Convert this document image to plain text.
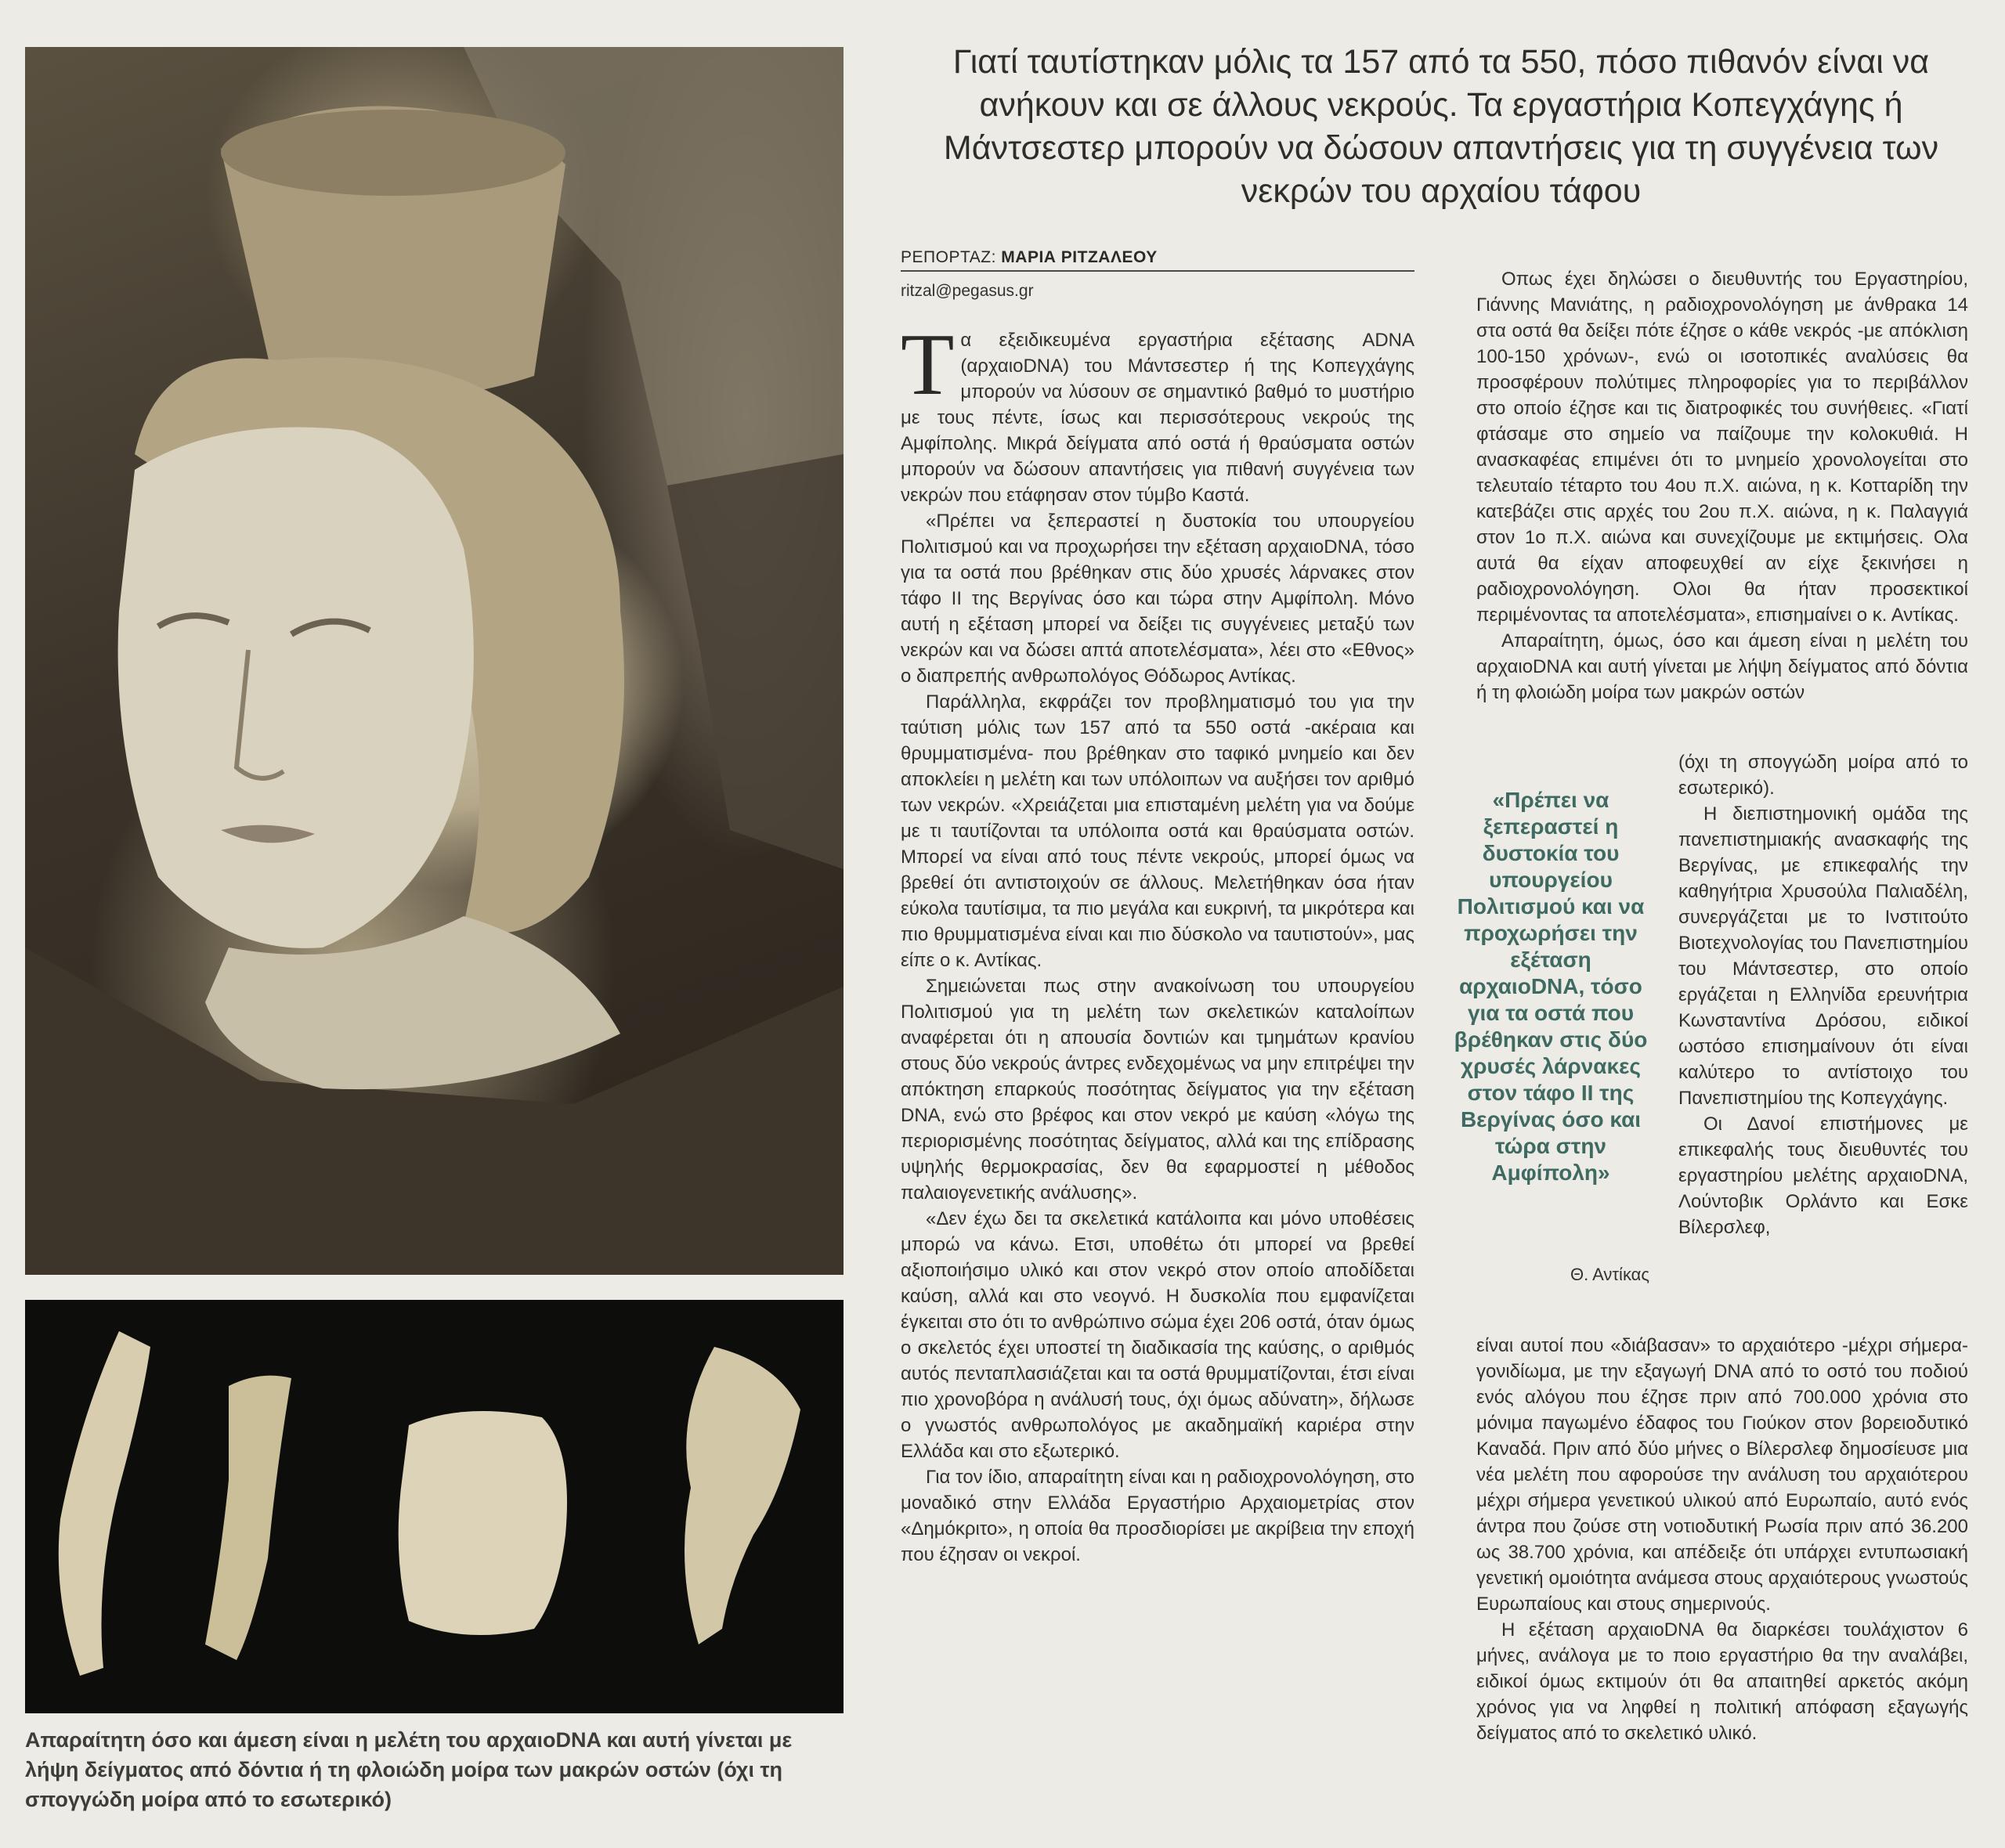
Απαραίτητη όσο και άμεση είναι η μελέτη του αρχαιοDNA και αυτή γίνεται με λήψη δείγματος από δόντια ή τη φλοιώδη μοίρα των μακρών οστών (όχι τη σπογγώδη μοίρα από το εσωτερικό)
Γιατί ταυτίστηκαν μόλις τα 157 από τα 550, πόσο πιθανόν είναι να ανήκουν και σε άλλους νεκρούς. Τα εργαστήρια Κοπεγχάγης ή Μάντσεστερ μπορούν να δώσουν απαντήσεις για τη συγγένεια των νεκρών του αρχαίου τάφου
ΡΕΠΟΡΤΑΖ: ΜΑΡΙΑ ΡΙΤΖΑΛΕΟΥ
ritzal@pegasus.gr

Τα εξειδικευμένα εργαστήρια εξέτασης ADNA (αρχαιοDNA) του Μάντσεστερ ή της Κοπεγχάγης μπορούν να λύσουν σε σημαντικό βαθμό το μυστήριο με τους πέντε, ίσως και περισσότερους νεκρούς της Αμφίπολης. Μικρά δείγματα από οστά ή θραύσματα οστών μπορούν να δώσουν απαντήσεις για πιθανή συγγένεια των νεκρών που ετάφησαν στον τύμβο Καστά.

«Πρέπει να ξεπεραστεί η δυστοκία του υπουργείου Πολιτισμού και να προχωρήσει την εξέταση αρχαιοDNA, τόσο για τα οστά που βρέθηκαν στις δύο χρυσές λάρνακες στον τάφο ΙΙ της Βεργίνας όσο και τώρα στην Αμφίπολη. Μόνο αυτή η εξέταση μπορεί να δείξει τις συγγένειες μεταξύ των νεκρών και να δώσει απτά αποτελέσματα», λέει στο «Εθνος» ο διαπρεπής ανθρωπολόγος Θόδωρος Αντίκας.

Παράλληλα, εκφράζει τον προβληματισμό του για την ταύτιση μόλις των 157 από τα 550 οστά -ακέραια και θρυμματισμένα- που βρέθηκαν στο ταφικό μνημείο και δεν αποκλείει η μελέτη και των υπόλοιπων να αυξήσει τον αριθμό των νεκρών. «Χρειάζεται μια επισταμένη μελέτη για να δούμε με τι ταυτίζονται τα υπόλοιπα οστά και θραύσματα οστών. Μπορεί να είναι από τους πέντε νεκρούς, μπορεί όμως να βρεθεί ότι αντιστοιχούν σε άλλους. Μελετήθηκαν όσα ήταν εύκολα ταυτίσιμα, τα πιο μεγάλα και ευκρινή, τα μικρότερα και πιο θρυμματισμένα είναι και πιο δύσκολο να ταυτιστούν», μας είπε ο κ. Αντίκας.

Σημειώνεται πως στην ανακοίνωση του υπουργείου Πολιτισμού για τη μελέτη των σκελετικών καταλοίπων αναφέρεται ότι η απουσία δοντιών και τμημάτων κρανίου στους δύο νεκρούς άντρες ενδεχομένως να μην επιτρέψει την απόκτηση επαρκούς ποσότητας δείγματος για την εξέταση DNA, ενώ στο βρέφος και στον νεκρό με καύση «λόγω της περιορισμένης ποσότητας δείγματος, αλλά και της επίδρασης υψηλής θερμοκρασίας, δεν θα εφαρμοστεί η μέθοδος παλαιογενετικής ανάλυσης».

«Δεν έχω δει τα σκελετικά κατάλοιπα και μόνο υποθέσεις μπορώ να κάνω. Ετσι, υποθέτω ότι μπορεί να βρεθεί αξιοποιήσιμο υλικό και στον νεκρό στον οποίο αποδίδεται καύση, αλλά και στο νεογνό. Η δυσκολία που εμφανίζεται έγκειται στο ότι το ανθρώπινο σώμα έχει 206 οστά, όταν όμως ο σκελετός έχει υποστεί τη διαδικασία της καύσης, ο αριθμός αυτός πενταπλασιάζεται και τα οστά θρυμματίζονται, έτσι είναι πιο χρονοβόρα η ανάλυσή τους, όχι όμως αδύνατη», δήλωσε ο γνωστός ανθρωπολόγος με ακαδημαϊκή καριέρα στην Ελλάδα και στο εξωτερικό.

Για τον ίδιο, απαραίτητη είναι και η ραδιοχρονολόγηση, στο μοναδικό στην Ελλάδα Εργαστήριο Αρχαιομετρίας στον «Δημόκριτο», η οποία θα προσδιορίσει με ακρίβεια την εποχή που έζησαν οι νεκροί.

Οπως έχει δηλώσει ο διευθυντής του Εργαστηρίου, Γιάννης Μανιάτης, η ραδιοχρονολόγηση με άνθρακα 14 στα οστά θα δείξει πότε έζησε ο κάθε νεκρός -με απόκλιση 100-150 χρόνων-, ενώ οι ισοτοπικές αναλύσεις θα προσφέρουν πολύτιμες πληροφορίες για το περιβάλλον στο οποίο έζησε και τις διατροφικές του συνήθειες. «Γιατί φτάσαμε στο σημείο να παίζουμε την κολοκυθιά. Η ανασκαφέας επιμένει ότι το μνημείο χρονολογείται στο τελευταίο τέταρτο του 4ου π.Χ. αιώνα, η κ. Κοτταρίδη την κατεβάζει στις αρχές του 2ου π.Χ. αιώνα, η κ. Παλαγγιά στον 1ο π.Χ. αιώνα και συνεχίζουμε με εκτιμήσεις. Ολα αυτά θα είχαν αποφευχθεί αν είχε ξεκινήσει η ραδιοχρονολόγηση. Ολοι θα ήταν προσεκτικοί περιμένοντας τα αποτελέσματα», επισημαίνει ο κ. Αντίκας.

Απαραίτητη, όμως, όσο και άμεση είναι η μελέτη του αρχαιοDNA και αυτή γίνεται με λήψη δείγματος από δόντια ή τη φλοιώδη μοίρα των μακρών οστών

«Πρέπει να ξεπεραστεί η δυστοκία του υπουργείου Πολιτισμού και να προχωρήσει την εξέταση αρχαιοDNA, τόσο για τα οστά που βρέθηκαν στις δύο χρυσές λάρνακες στον τάφο ΙΙ της Βεργίνας όσο και τώρα στην Αμφίπολη»
Θ. Αντίκας

(όχι τη σπογγώδη μοίρα από το εσωτερικό).

Η διεπιστημονική ομάδα της πανεπιστημιακής ανασκαφής της Βεργίνας, με επικεφαλής την καθηγήτρια Χρυσούλα Παλιαδέλη, συνεργάζεται με το Ινστιτούτο Βιοτεχνολογίας του Πανεπιστημίου του Μάντσεστερ, στο οποίο εργάζεται η Ελληνίδα ερευνήτρια Κωνσταντίνα Δρόσου, ειδικοί ωστόσο επισημαίνουν ότι είναι καλύτερο το αντίστοιχο του Πανεπιστημίου της Κοπεγχάγης.

Οι Δανοί επιστήμονες με επικεφαλής τους διευθυντές του εργαστηρίου μελέτης αρχαιοDNA, Λούντοβικ Ορλάντο και Εσκε Βίλερσλεφ,

είναι αυτοί που «διάβασαν» το αρχαιότερο -μέχρι σήμερα- γονιδίωμα, με την εξαγωγή DNA από το οστό του ποδιού ενός αλόγου που έζησε πριν από 700.000 χρόνια στο μόνιμα παγωμένο έδαφος του Γιούκον στον βορειοδυτικό Καναδά. Πριν από δύο μήνες ο Βίλερσλεφ δημοσίευσε μια νέα μελέτη που αφορούσε την ανάλυση του αρχαιότερου μέχρι σήμερα γενετικού υλικού από Ευρωπαίο, αυτό ενός άντρα που ζούσε στη νοτιοδυτική Ρωσία πριν από 36.200 ως 38.700 χρόνια, και απέδειξε ότι υπάρχει εντυπωσιακή γενετική ομοιότητα ανάμεσα στους αρχαιότερους γνωστούς Ευρωπαίους και στους σημερινούς.

Η εξέταση αρχαιοDNA θα διαρκέσει τουλάχιστον 6 μήνες, ανάλογα με το ποιο εργαστήριο θα την αναλάβει, ειδικοί όμως εκτιμούν ότι θα απαιτηθεί αρκετός ακόμη χρόνος για να ληφθεί η πολιτική απόφαση εξαγωγής δείγματος από το σκελετικό υλικό.
